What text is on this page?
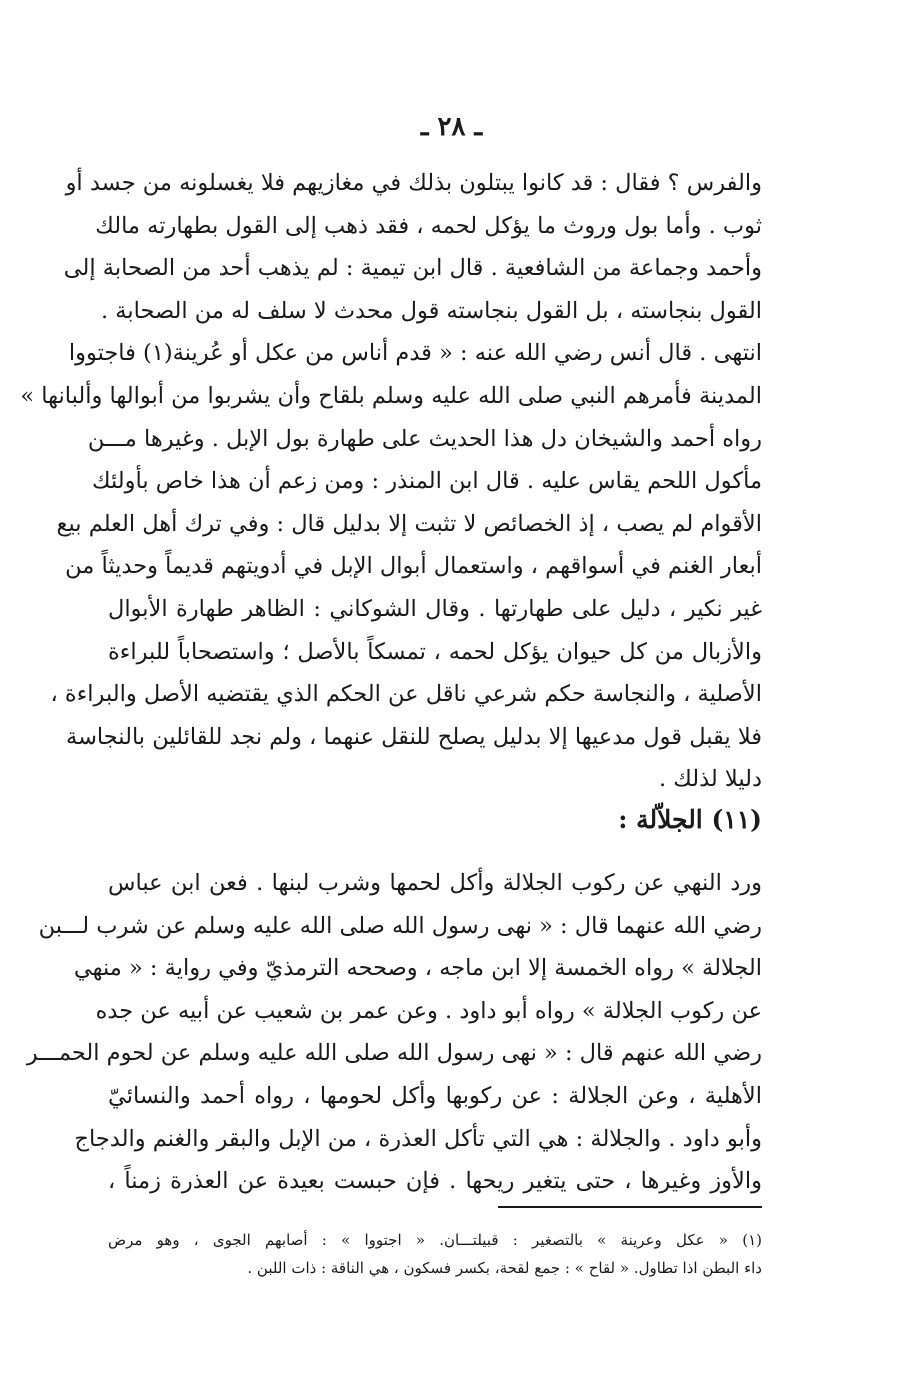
ـ ٢٨ ـ
والفرس ؟ فقال : قد كانوا يبتلون بذلك في مغازيهم فلا يغسلونه من جسد أو
ثوب . وأما بول وروث ما يؤكل لحمه ، فقد ذهب إلى القول بطهارته مالك
وأحمد وجماعة من الشافعية . قال ابن تيمية : لم يذهب أحد من الصحابة إلى
القول بنجاسته ، بل القول بنجاسته قول محدث لا سلف له من الصحابة .
انتهى . قال أنس رضي الله عنه : « قدم أناس من عكل أو عُرينة(١) فاجتووا
المدينة فأمرهم النبي صلى الله عليه وسلم بلقاح وأن يشربوا من أبوالها وألبانها »
رواه أحمد والشيخان دل هذا الحديث على طهارة بول الإبل . وغيرها مـــن
مأكول اللحم يقاس عليه . قال ابن المنذر : ومن زعم أن هذا خاص بأولئك
الأقوام لم يصب ، إذ الخصائص لا تثبت إلا بدليل قال : وفي ترك أهل العلم بيع
أبعار الغنم في أسواقهم ، واستعمال أبوال الإبل في أدويتهم قديماً وحديثاً من
غير نكير ، دليل على طهارتها . وقال الشوكاني : الظاهر طهارة الأبوال
والأزبال من كل حيوان يؤكل لحمه ، تمسكاً بالأصل ؛ واستصحاباً للبراءة
الأصلية ، والنجاسة حكم شرعي ناقل عن الحكم الذي يقتضيه الأصل والبراءة ،
فلا يقبل قول مدعيها إلا بدليل يصلح للنقل عنهما ، ولم نجد للقائلين بالنجاسة
دليلا لذلك .
(١١) الجلاّلة :
ورد النهي عن ركوب الجلالة وأكل لحمها وشرب لبنها . فعن ابن عباس
رضي الله عنهما قال : « نهى رسول الله صلى الله عليه وسلم عن شرب لـــبن
الجلالة » رواه الخمسة إلا ابن ماجه ، وصححه الترمذيّ وفي رواية : « منهي
عن ركوب الجلالة » رواه أبو داود . وعن عمر بن شعيب عن أبيه عن جده
رضي الله عنهم قال : « نهى رسول الله صلى الله عليه وسلم عن لحوم الحمـــر
الأهلية ، وعن الجلالة : عن ركوبها وأكل لحومها ، رواه أحمد والنسائيّ
وأبو داود . والجلالة : هي التي تأكل العذرة ، من الإبل والبقر والغنم والدجاج
والأوز وغيرها ، حتى يتغير ريحها . فإن حبست بعيدة عن العذرة زمناً ،
(١) « عكل وعرينة » بالتصغير : قبيلتـــان. « اجتووا » : أصابهم الجوى ، وهو مرض
داء البطن اذا تطاول. « لقاح » : جمع لقحة، بكسر فسكون ، هي الناقة : ذات اللبن .
